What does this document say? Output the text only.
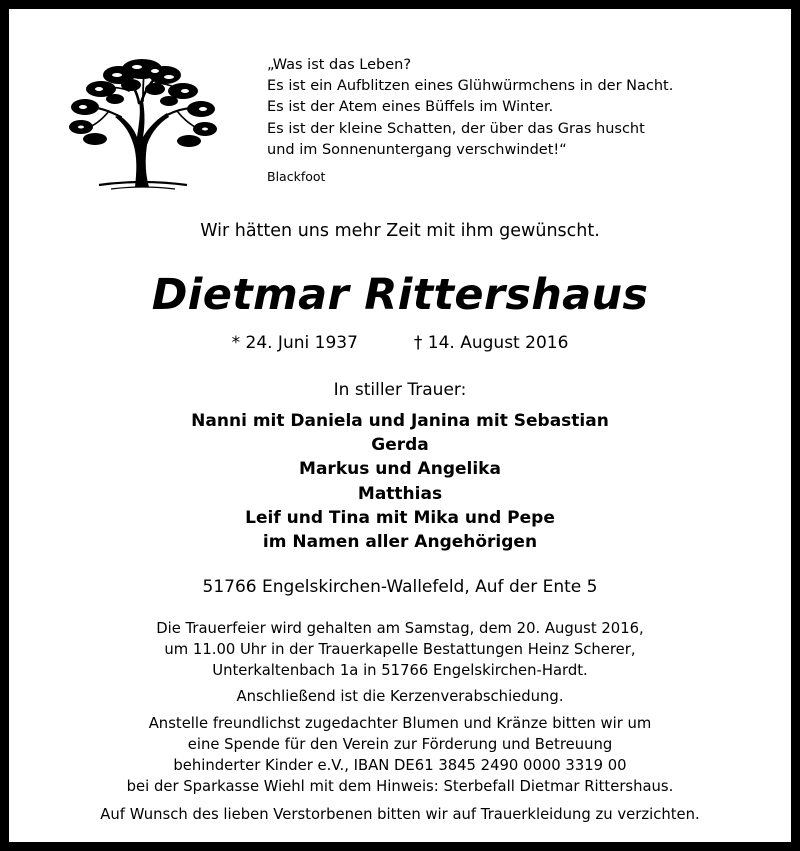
„Was ist das Leben?
Es ist ein Aufblitzen eines Glühwürmchens in der Nacht.
Es ist der Atem eines Büffels im Winter.
Es ist der kleine Schatten, der über das Gras huscht
und im Sonnenuntergang verschwindet!“
Blackfoot
Wir hätten uns mehr Zeit mit ihm gewünscht.
Dietmar Rittershaus
* 24. Juni 1937	† 14. August 2016
In stiller Trauer:
Nanni mit Daniela und Janina mit Sebastian
Gerda
Markus und Angelika
Matthias
Leif und Tina mit Mika und Pepe
im Namen aller Angehörigen
51766 Engelskirchen-Wallefeld, Auf der Ente 5
Die Trauerfeier wird gehalten am Samstag, dem 20. August 2016,
um 11.00 Uhr in der Trauerkapelle Bestattungen Heinz Scherer,
Unterkaltenbach 1a in 51766 Engelskirchen-Hardt.
Anschließend ist die Kerzenverabschiedung.
Anstelle freundlichst zugedachter Blumen und Kränze bitten wir um
eine Spende für den Verein zur Förderung und Betreuung
behinderter Kinder e.V., IBAN DE61 3845 2490 0000 3319 00
bei der Sparkasse Wiehl mit dem Hinweis: Sterbefall Dietmar Rittershaus.
Auf Wunsch des lieben Verstorbenen bitten wir auf Trauerkleidung zu verzichten.
